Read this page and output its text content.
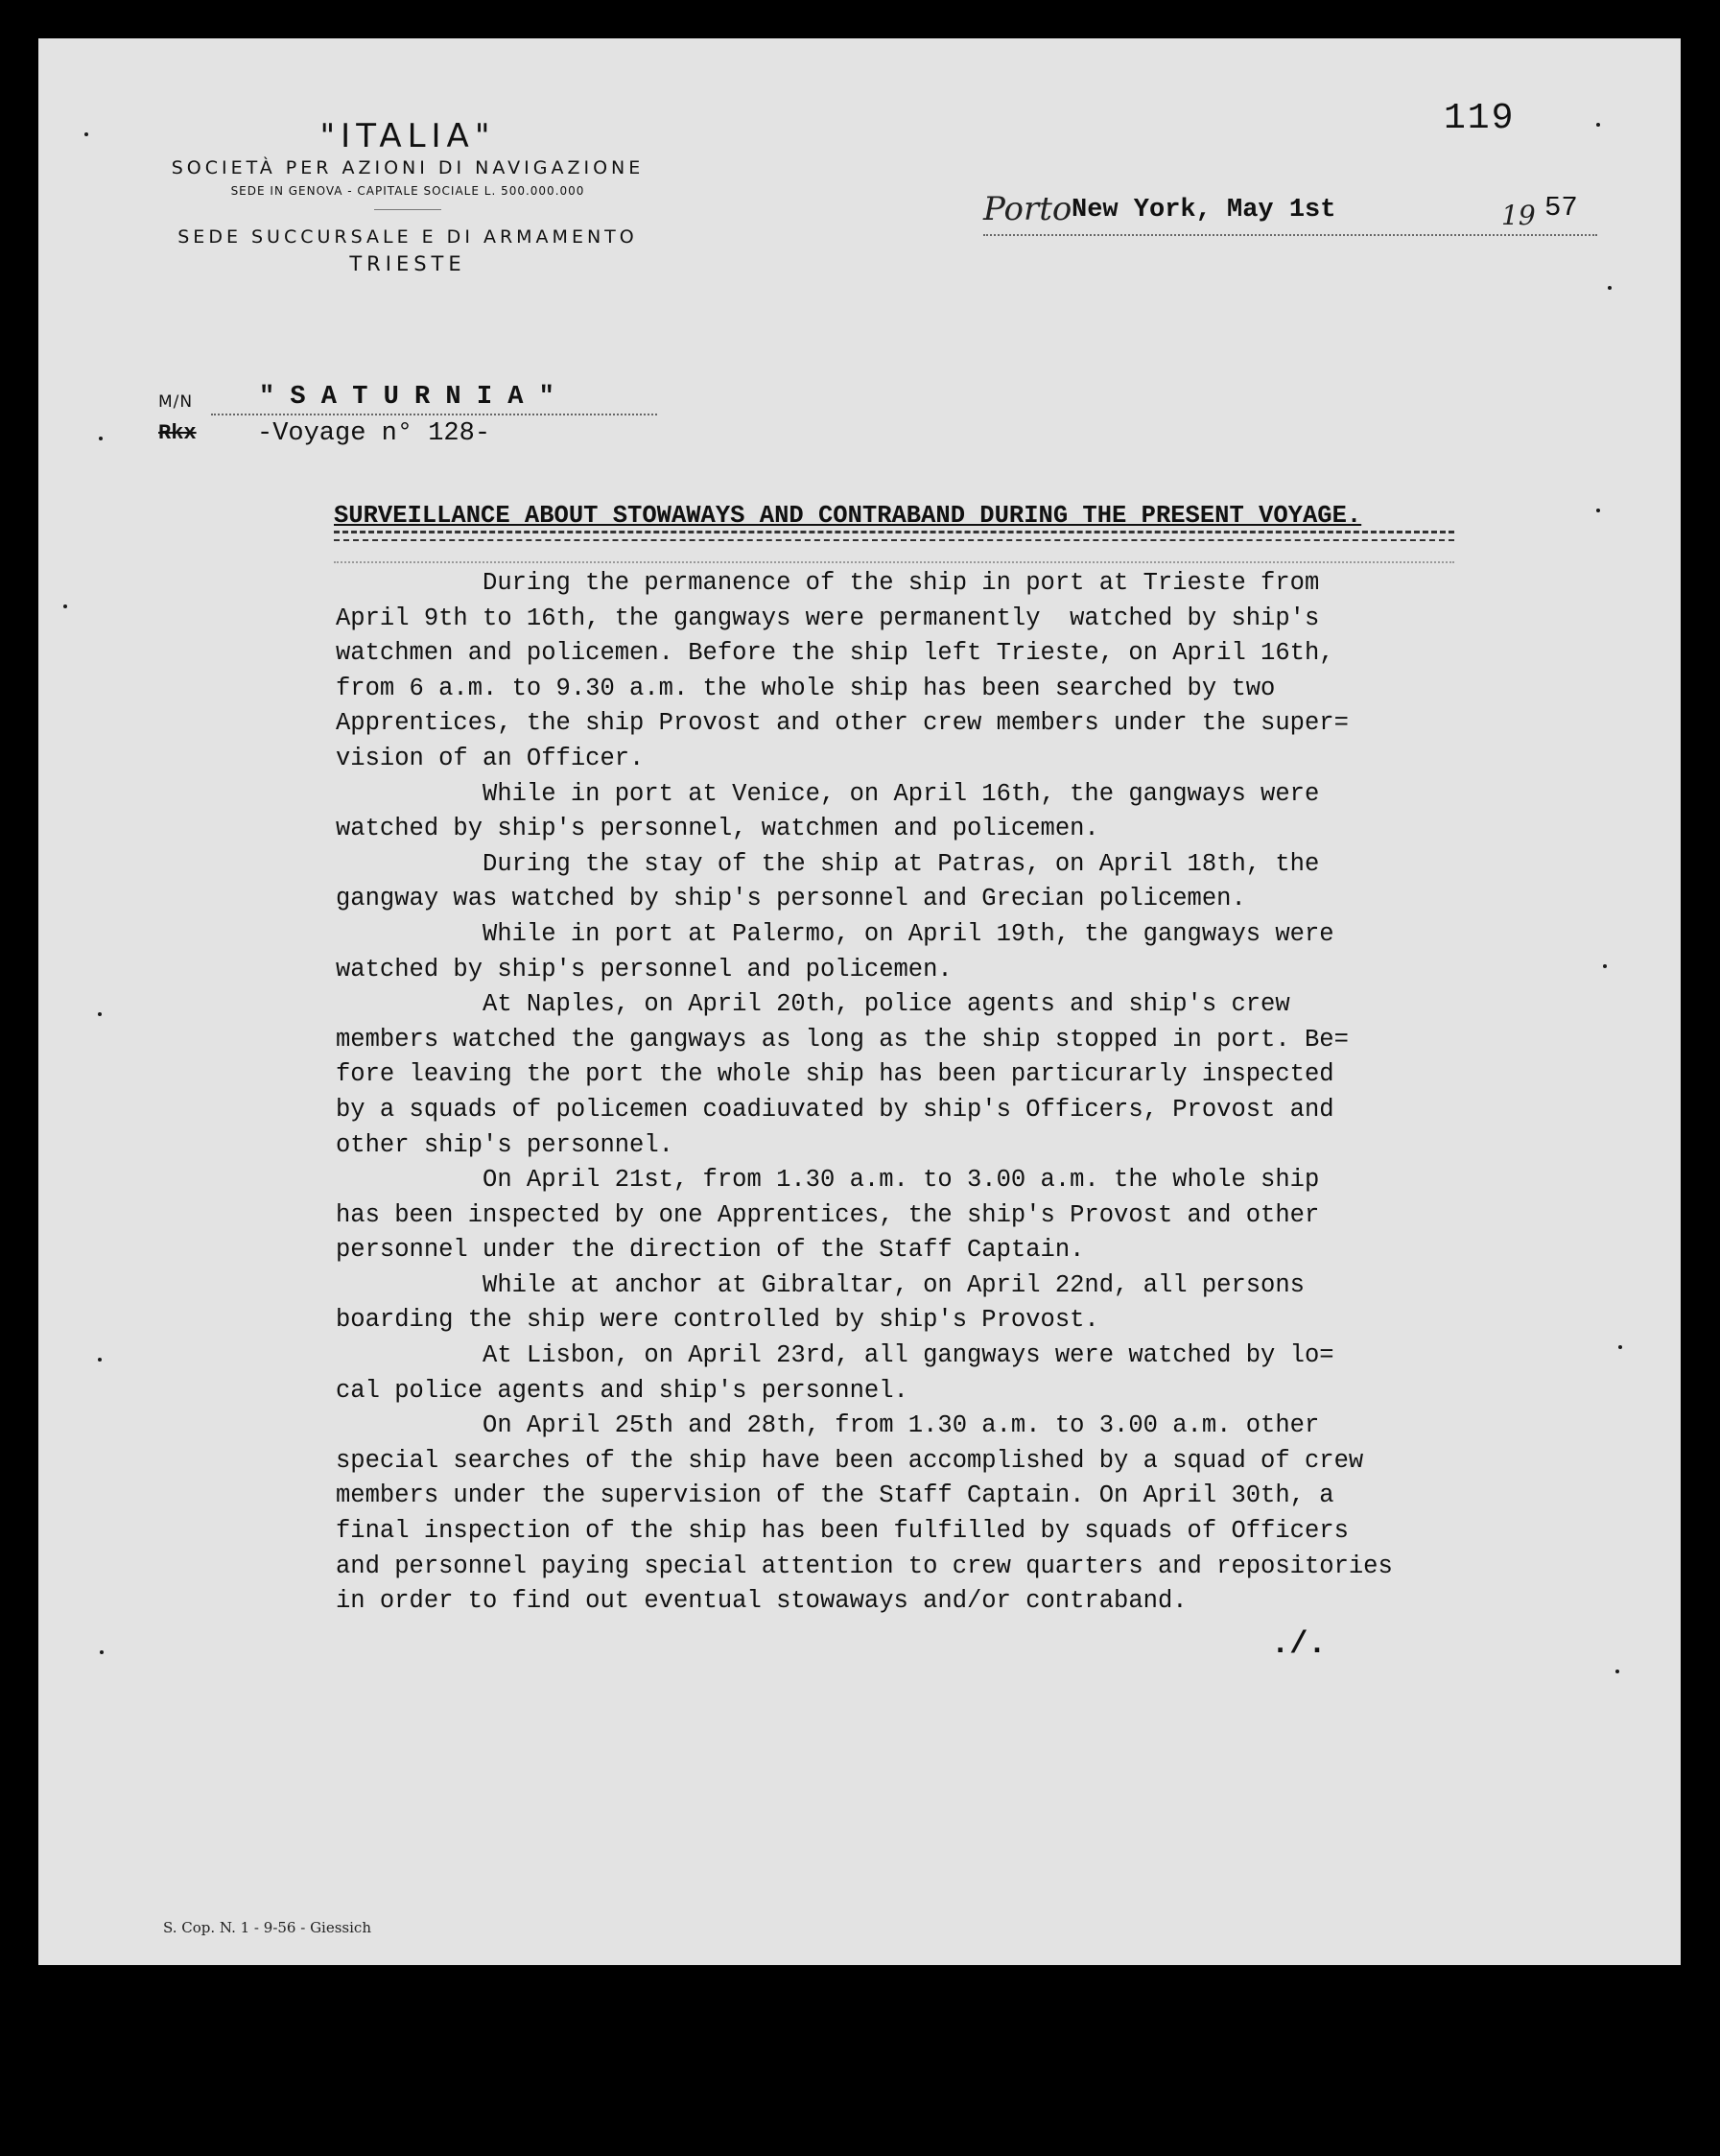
119
"ITALIA"
SOCIETÀ PER AZIONI DI NAVIGAZIONE
SEDE IN GENOVA - CAPITALE SOCIALE L. 500.000.000
SEDE SUCCURSALE E DI ARMAMENTO
TRIESTE
Porto New York, May 1st	19 57
M/N	" S A T U R N I A "
Rkx -Voyage n° 128-
SURVEILLANCE ABOUT STOWAWAYS AND CONTRABAND DURING THE PRESENT VOYAGE.

During the permanence of the ship in port at Trieste from

April 9th to 16th, the gangways were permanently  watched by ship's

watchmen and policemen. Before the ship left Trieste, on April 16th,

from 6 a.m. to 9.30 a.m. the whole ship has been searched by two

Apprentices, the ship Provost and other crew members under the super=

vision of an Officer.

While in port at Venice, on April 16th, the gangways were

watched by ship's personnel, watchmen and policemen.

During the stay of the ship at Patras, on April 18th, the

gangway was watched by ship's personnel and Grecian policemen.

While in port at Palermo, on April 19th, the gangways were

watched by ship's personnel and policemen.

At Naples, on April 20th, police agents and ship's crew

members watched the gangways as long as the ship stopped in port. Be=

fore leaving the port the whole ship has been particurarly inspected

by a squads of policemen coadiuvated by ship's Officers, Provost and

other ship's personnel.

On April 21st, from 1.30 a.m. to 3.00 a.m. the whole ship

has been inspected by one Apprentices, the ship's Provost and other

personnel under the direction of the Staff Captain.

While at anchor at Gibraltar, on April 22nd, all persons

boarding the ship were controlled by ship's Provost.

At Lisbon, on April 23rd, all gangways were watched by lo=

cal police agents and ship's personnel.

On April 25th and 28th, from 1.30 a.m. to 3.00 a.m. other

special searches of the ship have been accomplished by a squad of crew

members under the supervision of the Staff Captain. On April 30th, a

final inspection of the ship has been fulfilled by squads of Officers

and personnel paying special attention to crew quarters and repositories

in order to find out eventual stowaways and/or contraband.

./.
S. Cop. N. 1 - 9-56 - Giessich
